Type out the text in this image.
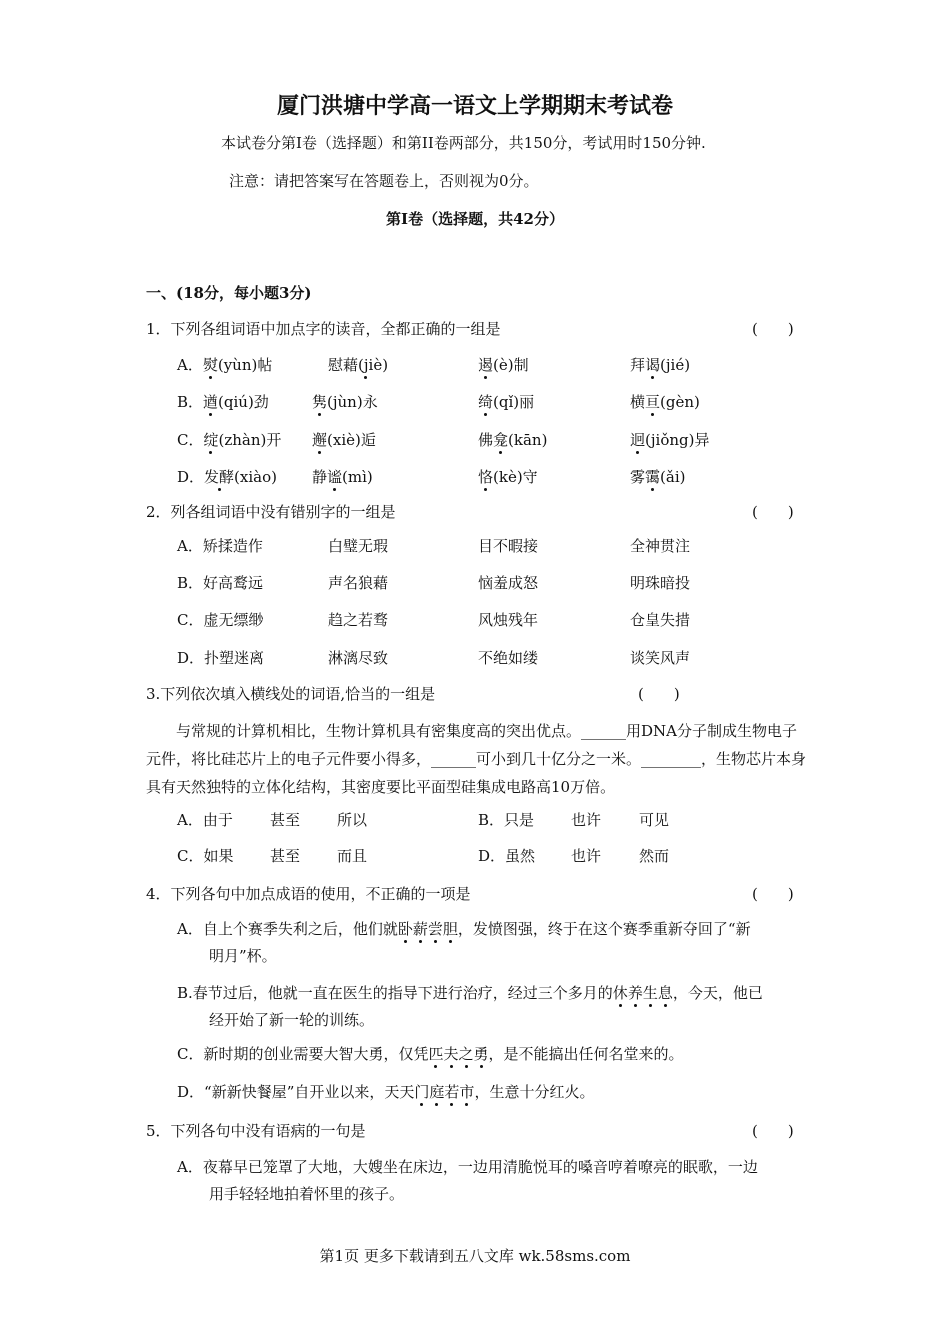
厦门洪塘中学高一语文上学期期末考试卷
本试卷分第Ⅰ卷（选择题）和第II卷两部分，共150分，考试用时150分钟.
注意：请把答案写在答题卷上，否则视为0分。
第Ⅰ卷（选择题，共42分）
一、(18分，每小题3分)
1．下列各组词语中加点字的读音，全都正确的一组是	(　　)
A．熨(yùn)帖	慰藉(jiè)	遏(è)制	拜谒(jié)
B．遒(qiú)劲	隽(jùn)永	绮(qǐ)丽	横亘(gèn)
C．绽(zhàn)开 邂(xiè)逅	佛龛(kān)	迥(jiǒng)异
D．发酵(xiào) 静谧(mì)	恪(kè)守	雾霭(ǎi)
2．列各组词语中没有错别字的一组是	(　　)
A．矫揉造作	白璧无瑕	目不暇接	全神贯注
B．好高鹜远	声名狼藉	恼羞成怒	明珠暗投
C．虚无缥缈	趋之若骛	风烛残年	仓皇失措
D．扑塑迷离	淋漓尽致	不绝如缕	谈笑风声
3.下列依次填入横线处的词语,恰当的一组是	(　　)
与常规的计算机相比，生物计算机具有密集度高的突出优点。______用DNA分子制成生物电子元件，将比硅芯片上的电子元件要小得多，______可小到几十亿分之一米。________，生物芯片本身具有天然独特的立体化结构，其密度要比平面型硅集成电路高10万倍。
A．由于 甚至 所以	B．只是 也许	可见
C．如果 甚至 而且	D．虽然 也许	然而
4．下列各句中加点成语的使用，不正确的一项是	(　　)
A．自上个赛季失利之后，他们就卧薪尝胆，发愤图强，终于在这个赛季重新夺回了“新
明月”杯。
B.春节过后，他就一直在医生的指导下进行治疗，经过三个多月的休养生息，今天，他已
经开始了新一轮的训练。
C．新时期的创业需要大智大勇，仅凭匹夫之勇，是不能搞出任何名堂来的。
D．“新新快餐屋”自开业以来，天天门庭若市，生意十分红火。
5．下列各句中没有语病的一句是	(　　)
A．夜幕早已笼罩了大地，大嫂坐在床边，一边用清脆悦耳的嗓音哼着嘹亮的眠歌，一边
用手轻轻地拍着怀里的孩子。
第1页 更多下载请到五八文库 wk.58sms.com
